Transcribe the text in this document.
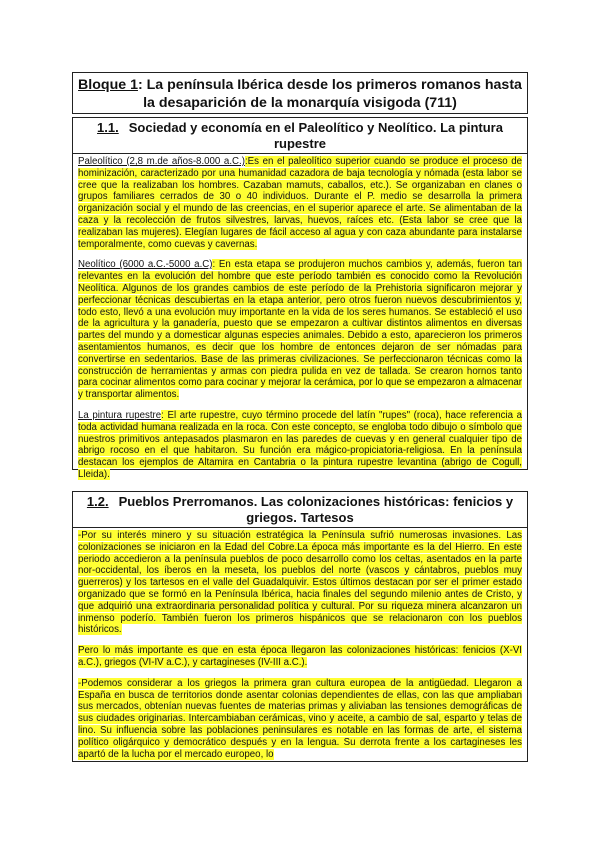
Bloque 1: La península Ibérica desde los primeros romanos hasta la desaparición de la monarquía visigoda (711)
1.1. Sociedad y economía en el Paleolítico y Neolítico. La pintura rupestre

Paleolítico (2,8 m.de años-8.000 a.C.):Es en el paleolítico superior cuando se produce el proceso de hominización, caracterizado por una humanidad cazadora de baja tecnología y nómada (esta labor se cree que la realizaban los hombres. Cazaban mamuts, caballos, etc.). Se organizaban en clanes o grupos familiares cerrados de 30 o 40 individuos. Durante el P. medio se desarrolla la primera organización social y el mundo de las creencias, en el superior aparece el arte. Se alimentaban de la caza y la recolección de frutos silvestres, larvas, huevos, raíces etc. (Esta labor se cree que la realizaban las mujeres). Elegían lugares de fácil acceso al agua y con caza abundante para instalarse temporalmente, como cuevas y cavernas.

Neolítico (6000 a.C.-5000 a.C): En esta etapa se produjeron muchos cambios y, además, fueron tan relevantes en la evolución del hombre que este período también es conocido como la Revolución Neolítica. Algunos de los grandes cambios de este período de la Prehistoria significaron mejorar y perfeccionar técnicas descubiertas en la etapa anterior, pero otros fueron nuevos descubrimientos y, todo esto, llevó a una evolución muy importante en la vida de los seres humanos. Se estableció el uso de la agricultura y la ganadería, puesto que se empezaron a cultivar distintos alimentos en diversas partes del mundo y a domesticar algunas especies animales. Debido a esto, aparecieron los primeros asentamientos humanos, es decir que los hombre de entonces dejaron de ser nómadas para convertirse en sedentarios. Base de las primeras civilizaciones. Se perfeccionaron técnicas como la construcción de herramientas y armas con piedra pulida en vez de tallada. Se crearon hornos tanto para cocinar alimentos como para cocinar y mejorar la cerámica, por lo que se empezaron a almacenar y transportar alimentos.

La pintura rupestre: El arte rupestre, cuyo término procede del latín "rupes" (roca), hace referencia a toda actividad humana realizada en la roca. Con este concepto, se engloba todo dibujo o símbolo que nuestros primitivos antepasados plasmaron en las paredes de cuevas y en general cualquier tipo de abrigo rocoso en el que habitaron. Su función era mágico-propiciatoria-religiosa. En la península destacan los ejemplos de Altamira en Cantabria o la pintura rupestre levantina (abrigo de Cogull, Lleida).

1.2. Pueblos Prerromanos. Las colonizaciones históricas: fenicios y griegos. Tartesos

-Por su interés minero y su situación estratégica la Península sufrió numerosas invasiones. Las colonizaciones se iniciaron en la Edad del Cobre.La época más importante es la del Hierro. En este periodo accedieron a la península pueblos de poco desarrollo como los celtas, asentados en la parte nor-occidental, los íberos en la meseta, los pueblos del norte (vascos y cántabros, pueblos muy guerreros) y los tartesos en el valle del Guadalquivir. Estos últimos destacan por ser el primer estado organizado que se formó en la Península Ibérica, hacia finales del segundo milenio antes de Cristo, y que adquirió una extraordinaria personalidad política y cultural. Por su riqueza minera alcanzaron un inmenso poderío. También fueron los primeros hispánicos que se relacionaron con los pueblos históricos.

Pero lo más importante es que en esta época llegaron las colonizaciones históricas: fenicios (X-VI a.C.), griegos (VI-IV a.C.), y cartagineses (IV-III a.C.).

-Podemos considerar a los griegos la primera gran cultura europea de la antigüedad. Llegaron a España en busca de territorios donde asentar colonias dependientes de ellas, con las que ampliaban sus mercados, obtenían nuevas fuentes de materias primas y aliviaban las tensiones demográficas de sus ciudades originarias. Intercambiaban cerámicas, vino y aceite, a cambio de sal, esparto y telas de lino. Su influencia sobre las poblaciones peninsulares es notable en las formas de arte, el sistema político oligárquico y democrático después y en la lengua. Su derrota frente a los cartagineses les apartó de la lucha por el mercado europeo, lo
